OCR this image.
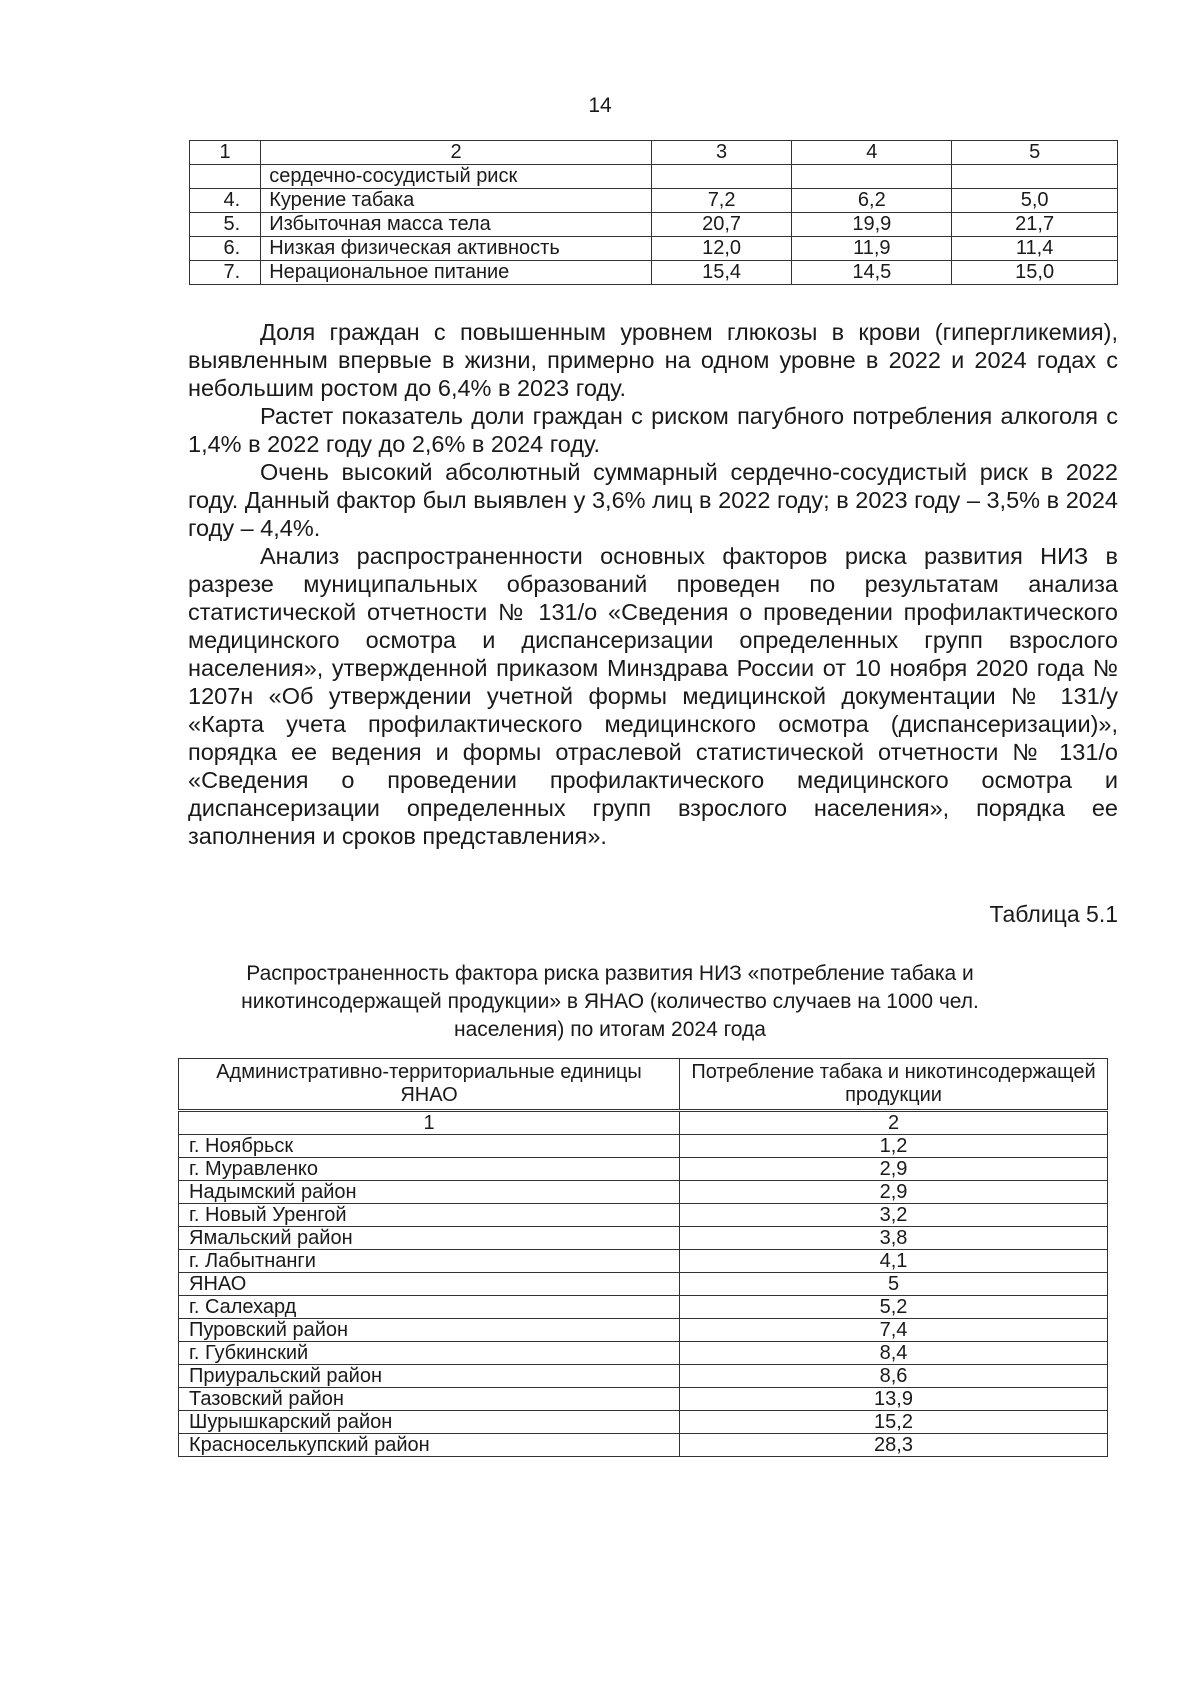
14
1	2	3	4	5
	сердечно-сосудистый риск			
4.	Курение табака	7,2	6,2	5,0
5.	Избыточная масса тела	20,7	19,9	21,7
6.	Низкая физическая активность	12,0	11,9	11,4
7.	Нерациональное питание	15,4	14,5	15,0

Доля граждан с повышенным уровнем глюкозы в крови (гипергликемия), выявленным впервые в жизни, примерно на одном уровне в 2022 и 2024 годах с небольшим ростом до 6,4% в 2023 году.

Растет показатель доли граждан с риском пагубного потребления алкоголя с 1,4% в 2022 году до 2,6% в 2024 году.

Очень высокий абсолютный суммарный сердечно-сосудистый риск в 2022 году. Данный фактор был выявлен у 3,6% лиц в 2022 году; в 2023 году – 3,5% в 2024 году – 4,4%.

Анализ распространенности основных факторов риска развития НИЗ в разрезе муниципальных образований проведен по результатам анализа статистической отчетности № 131/о «Сведения о проведении профилактического медицинского осмотра и диспансеризации определенных групп взрослого населения», утвержденной приказом Минздрава России от 10 ноября 2020 года № 1207н «Об утверждении учетной формы медицинской документации № 131/у «Карта учета профилактического медицинского осмотра (диспансеризации)», порядка ее ведения и формы отраслевой статистической отчетности № 131/о «Сведения о проведении профилактического медицинского осмотра и диспансеризации определенных групп взрослого населения», порядка ее заполнения и сроков представления».

Таблица 5.1
Распространенность фактора риска развития НИЗ «потребление табака и никотинсодержащей продукции» в ЯНАО (количество случаев на 1000 чел. населения) по итогам 2024 года
Административно-территориальные единицы ЯНАО	Потребление табака и никотинсодержащей продукции
1	2
г. Ноябрьск	1,2
г. Муравленко	2,9
Надымский район	2,9
г. Новый Уренгой	3,2
Ямальский район	3,8
г. Лабытнанги	4,1
ЯНАО	5
г. Салехард	5,2
Пуровский район	7,4
г. Губкинский	8,4
Приуральский район	8,6
Тазовский район	13,9
Шурышкарский район	15,2
Красноселькупский район	28,3
